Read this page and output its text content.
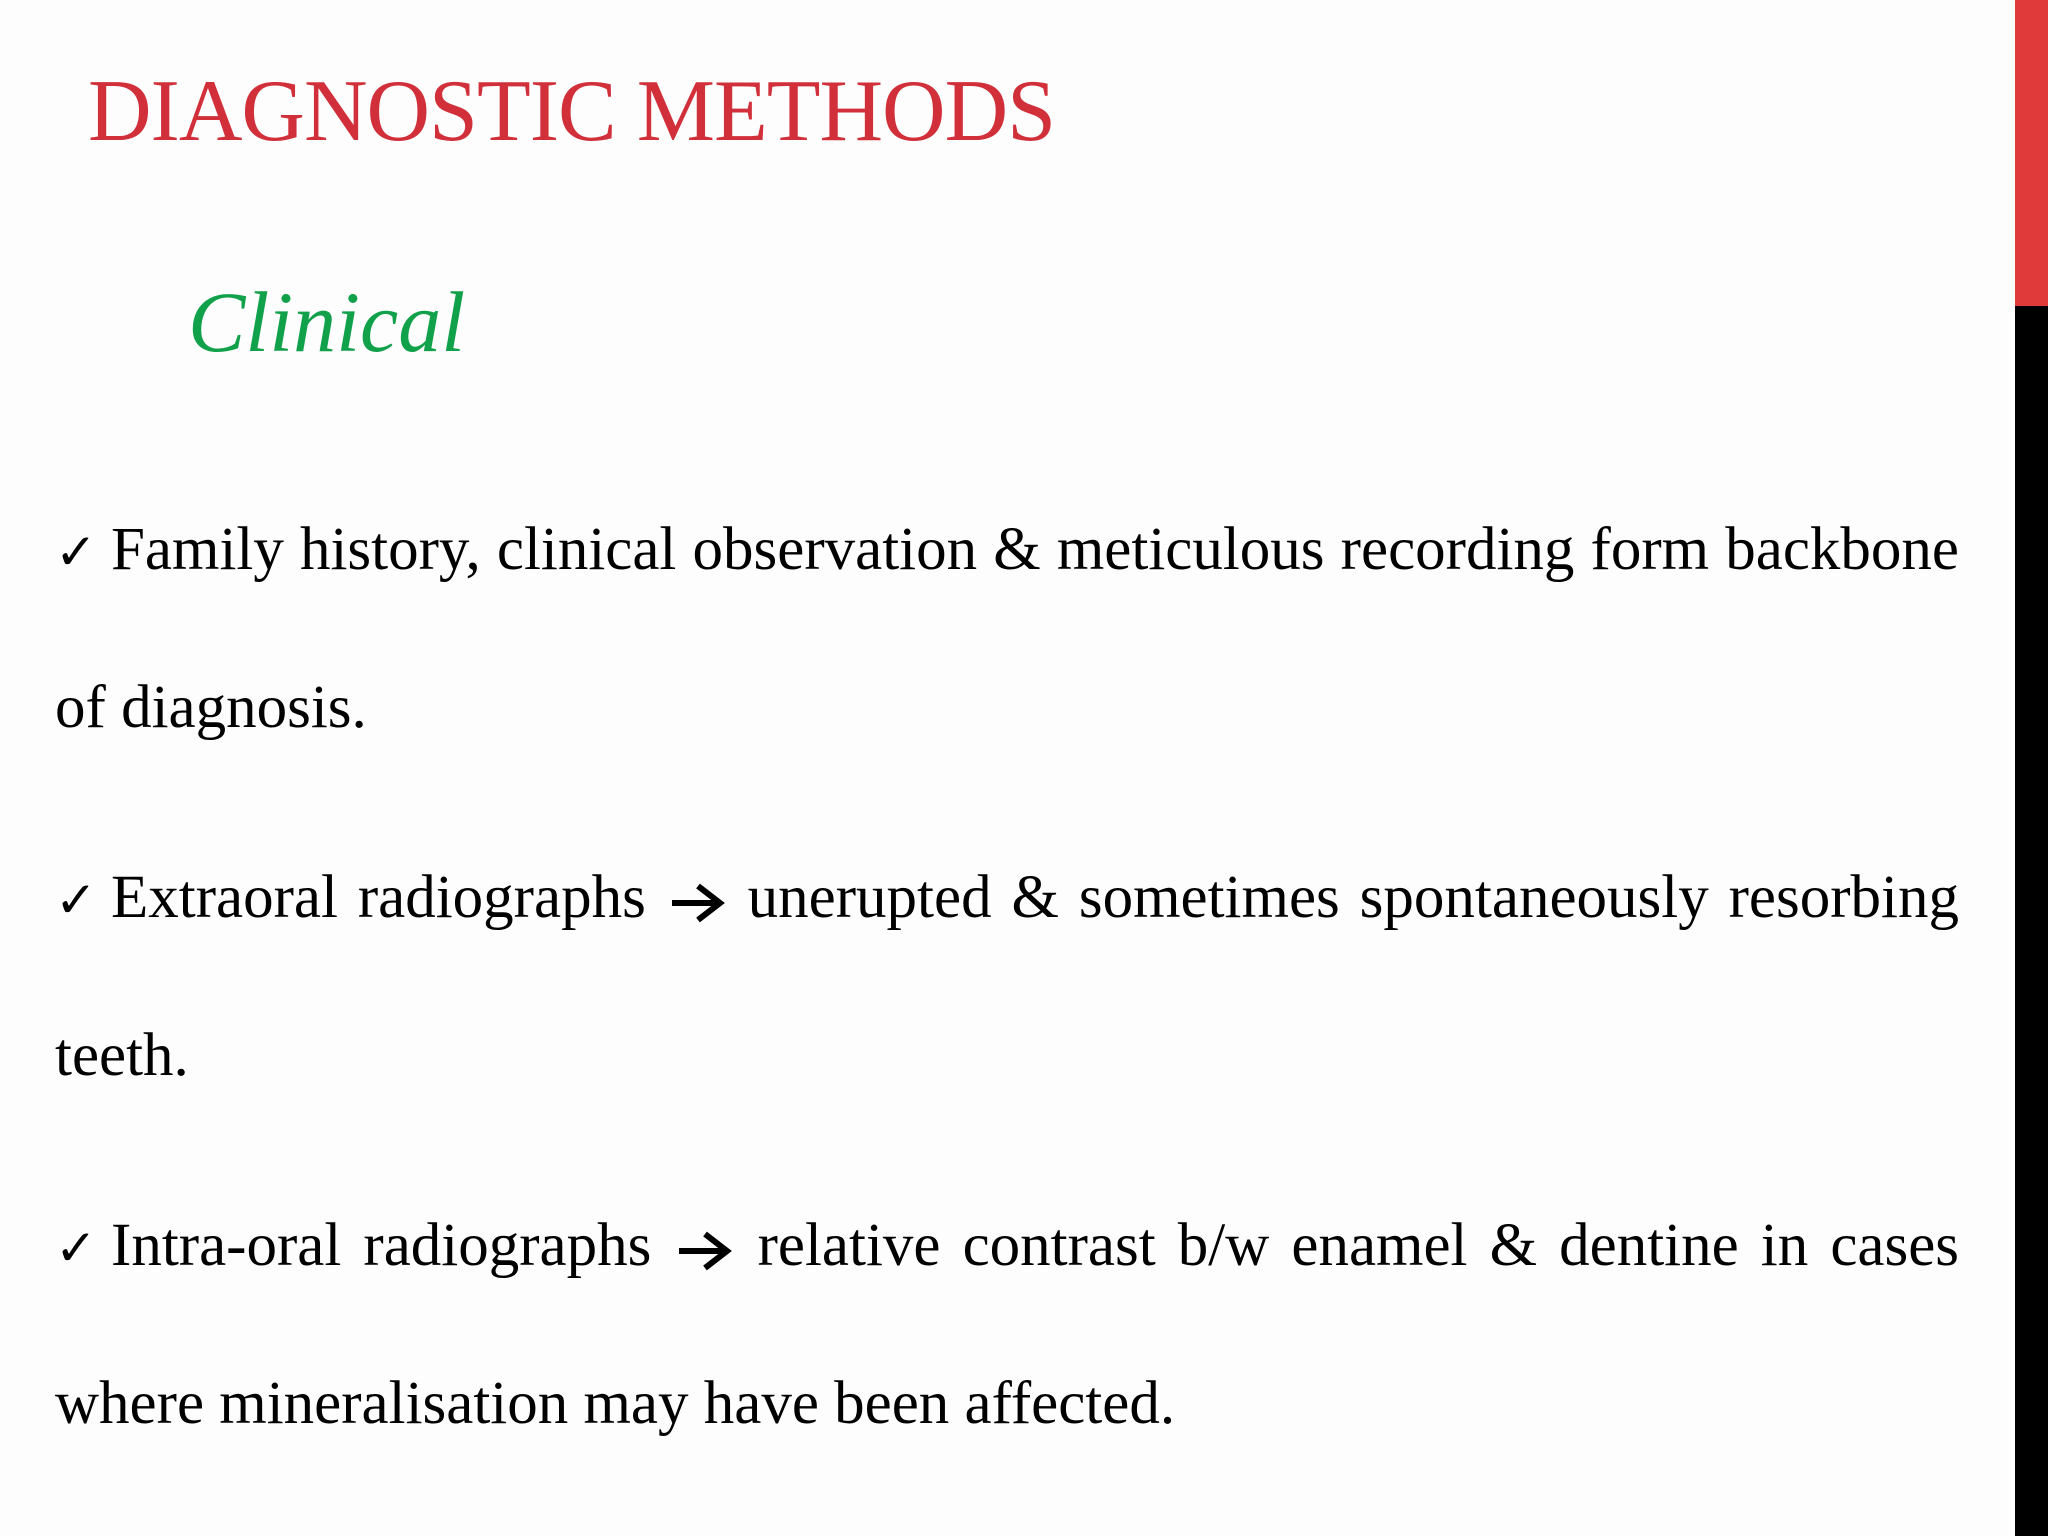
DIAGNOSTIC METHODS
Clinical
✓ Family history, clinical observation & meticulous recording form backbone of diagnosis.
✓ Extraoral radiographs unerupted & sometimes spontaneously resorbing teeth.
✓ Intra-oral radiographs relative contrast b/w enamel & dentine in cases where mineralisation may have been affected.
